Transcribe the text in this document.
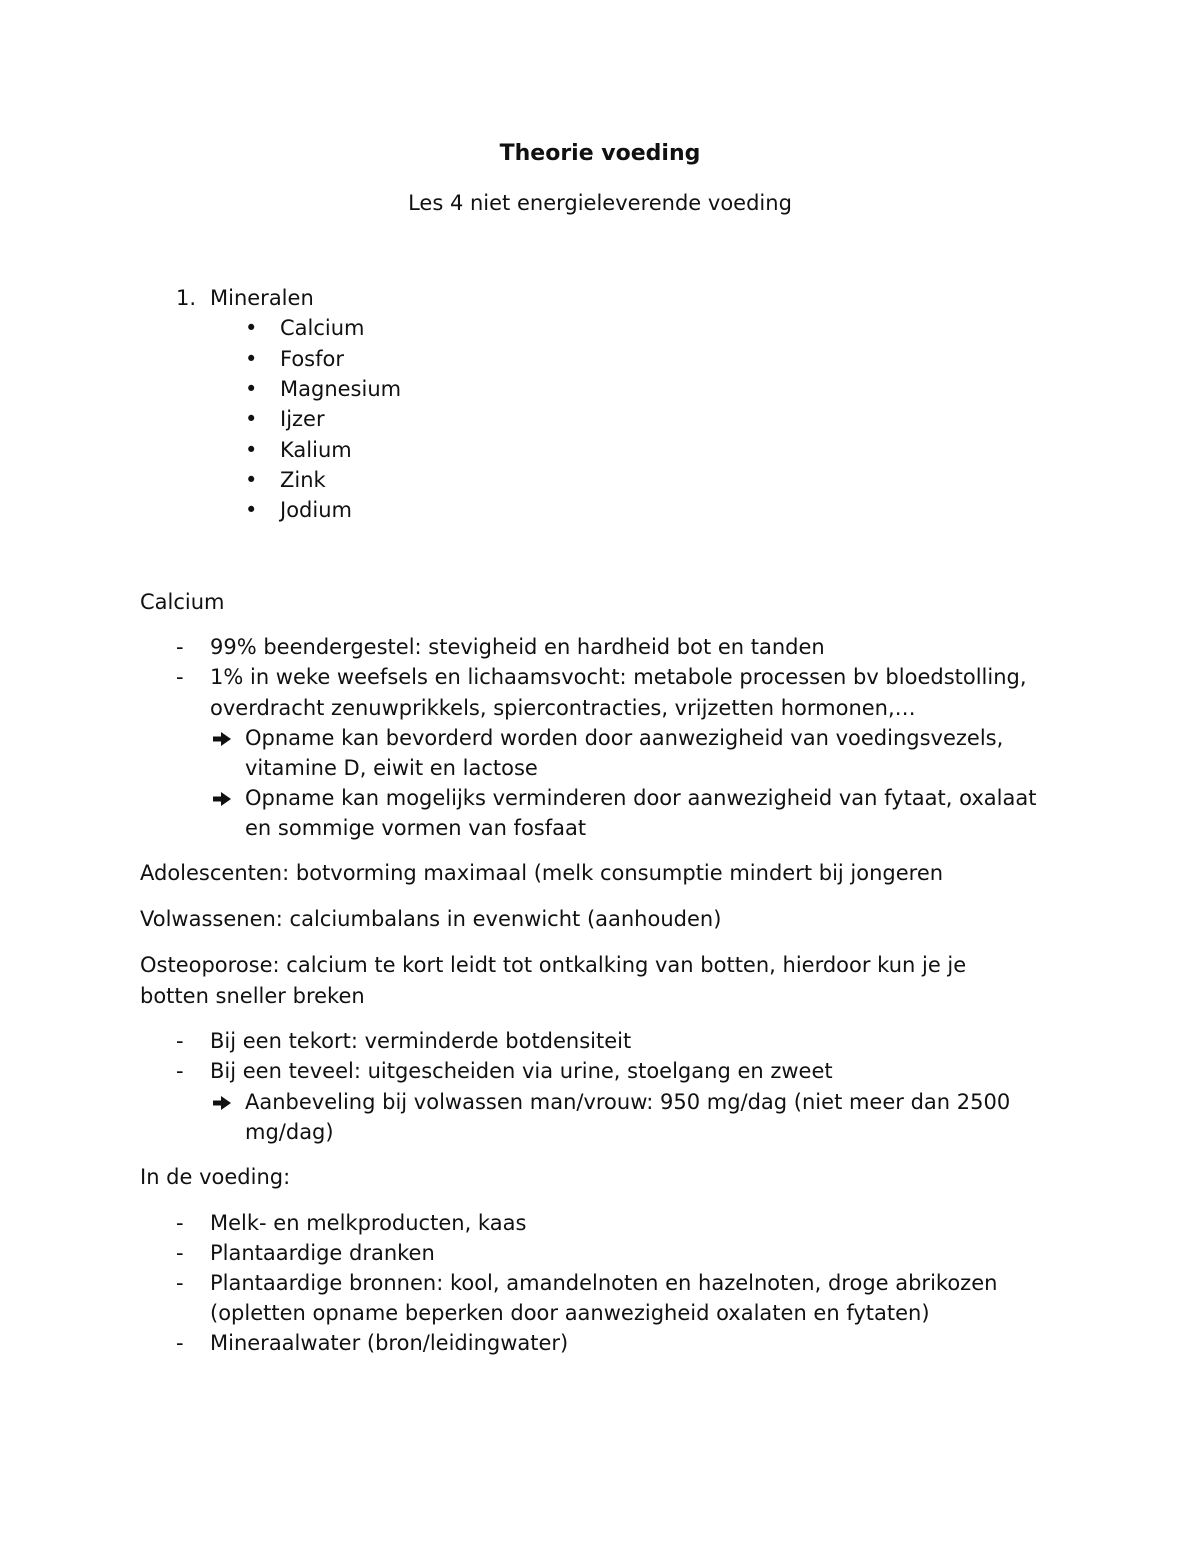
Theorie voeding
Les 4 niet energieleverende voeding
1. Mineralen
• Calcium
• Fosfor
• Magnesium
• Ijzer
• Kalium
• Zink
• Jodium
Calcium
- 99% beendergestel: stevigheid en hardheid bot en tanden
- 1% in weke weefsels en lichaamsvocht: metabole processen bv bloedstolling,
overdracht zenuwprikkels, spiercontracties, vrijzetten hormonen,…
Opname kan bevorderd worden door aanwezigheid van voedingsvezels,
vitamine D, eiwit en lactose
Opname kan mogelijks verminderen door aanwezigheid van fytaat, oxalaat
en sommige vormen van fosfaat
Adolescenten: botvorming maximaal (melk consumptie mindert bij jongeren
Volwassenen: calciumbalans in evenwicht (aanhouden)
Osteoporose: calcium te kort leidt tot ontkalking van botten, hierdoor kun je je
botten sneller breken
- Bij een tekort: verminderde botdensiteit
- Bij een teveel: uitgescheiden via urine, stoelgang en zweet
Aanbeveling bij volwassen man/vrouw: 950 mg/dag (niet meer dan 2500
mg/dag)
In de voeding:
- Melk- en melkproducten, kaas
- Plantaardige dranken
- Plantaardige bronnen: kool, amandelnoten en hazelnoten, droge abrikozen
(opletten opname beperken door aanwezigheid oxalaten en fytaten)
- Mineraalwater (bron/leidingwater)
